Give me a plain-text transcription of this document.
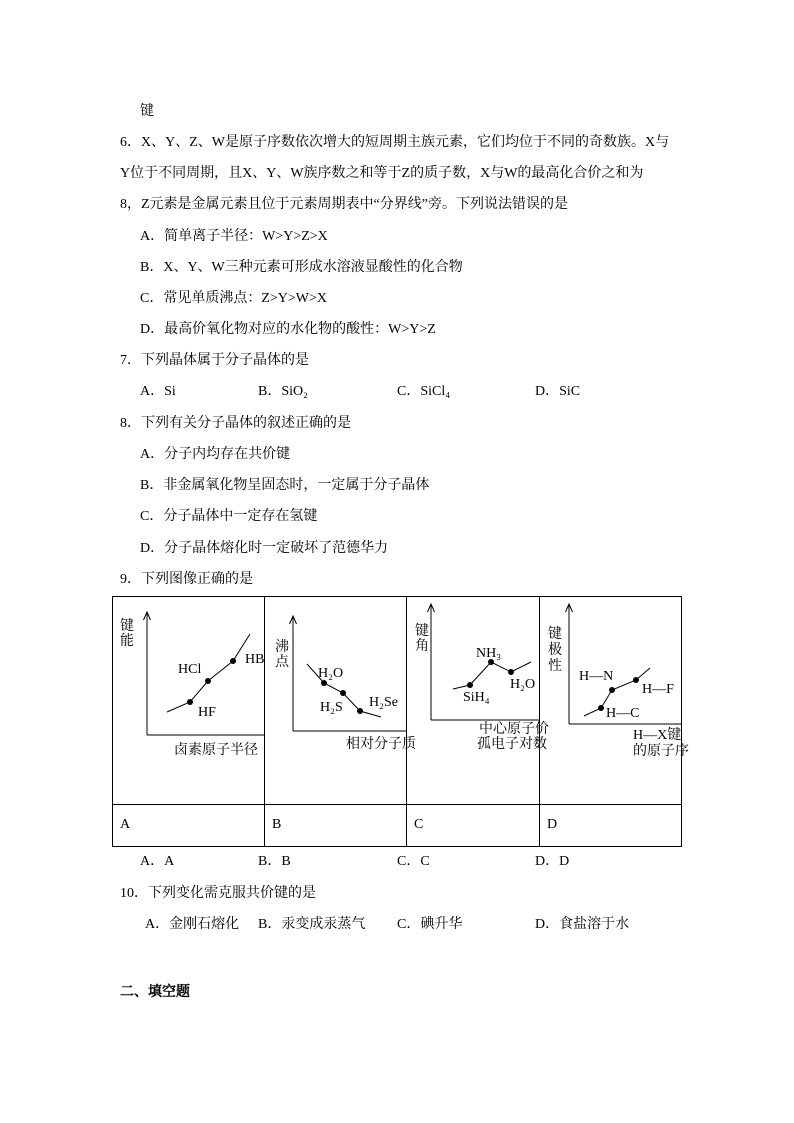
键
6．X、Y、Z、W是原子序数依次增大的短周期主族元素，它们均位于不同的奇数族。X与
Y位于不同周期，且X、Y、W族序数之和等于Z的质子数，X与W的最高化合价之和为
8，Z元素是金属元素且位于元素周期表中“分界线”旁。下列说法错误的是
A．简单离子半径：W>Y>Z>X
B．X、Y、W三种元素可形成水溶液显酸性的化合物
C．常见单质沸点：Z>Y>W>X
D．最高价氧化物对应的水化物的酸性：W>Y>Z
7．下列晶体属于分子晶体的是
A．Si	B．SiO₂	C．SiCl₄	D．SiC
8．下列有关分子晶体的叙述正确的是
A．分子内均存在共价键
B．非金属氧化物呈固态时，一定属于分子晶体
C．分子晶体中一定存在氢键
D．分子晶体熔化时一定破坏了范德华力
9．下列图像正确的是
键能
HCl
HB
HF
卤素原子半径
沸点
H₂O
H₂S H₂Se
相对分子质
键角	NH₃
SiH₄
H₂O
中心原子价
孤电子对数
键极性
H—N
H—F
H—C
H—X键
的原子序
A	B	C	D
A．A	B．B	C．C	D．D
10．下列变化需克服共价键的是
A．金刚石熔化 B．汞变成汞蒸气 C．碘升华	D．食盐溶于水
二、填空题
